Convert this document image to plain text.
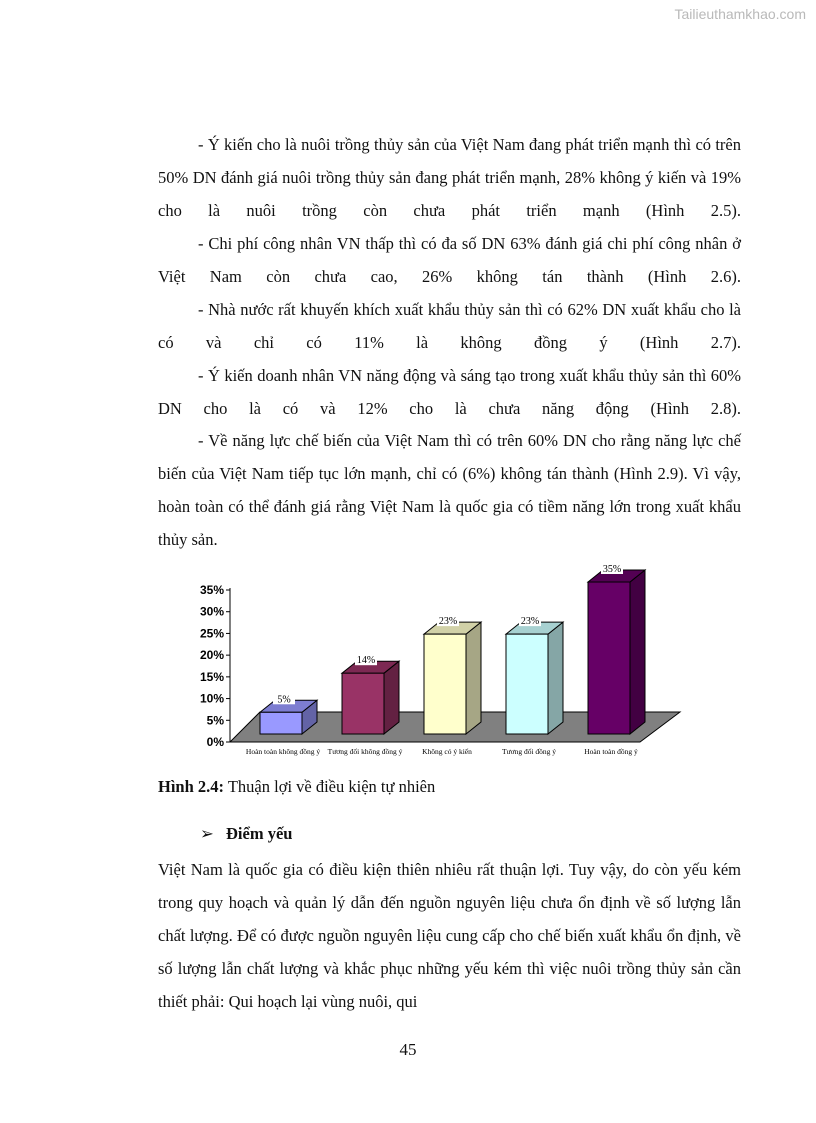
Tailieuthamkhao.com

- Ý kiến cho là nuôi trồng thủy sản của Việt Nam đang phát triển mạnh thì có trên 50% DN đánh giá nuôi trồng thủy sản đang phát triển mạnh, 28% không ý kiến và 19% cho là nuôi trồng còn chưa phát triển mạnh (Hình 2.5).

- Chi phí công nhân VN thấp thì có đa số DN 63% đánh giá chi phí công nhân ở Việt Nam còn chưa cao, 26% không tán thành (Hình 2.6).

- Nhà nước rất khuyến khích xuất khẩu thủy sản thì có 62% DN xuất khẩu cho là có và chỉ có 11% là không đồng ý (Hình 2.7).

- Ý kiến doanh nhân VN năng động và sáng tạo trong xuất khẩu thủy sản thì 60% DN cho là có và 12% cho là chưa năng động (Hình 2.8).

- Về năng lực chế biến của Việt Nam thì có trên 60% DN cho rằng năng lực chế biến của Việt Nam tiếp tục lớn mạnh, chỉ có (6%) không tán thành (Hình 2.9). Vì vậy, hoàn toàn có thể đánh giá rằng Việt Nam là quốc gia có tiềm năng lớn trong xuất khẩu thủy sản.

0%
5%
10%
15%
20%
25%
30%
35%
5%
Hoàn toàn không đồng ý
14%
Tương đối không đồng ý
23%
Không có ý kiến
23%
Tương đối đồng ý
35%
Hoàn toàn đồng ý

Hình 2.4: Thuận lợi về điều kiện tự nhiên

➢ Điểm yếu

Việt Nam là quốc gia có điều kiện thiên nhiêu rất thuận lợi. Tuy vậy, do còn yếu kém trong quy hoạch và quản lý dẫn đến nguồn nguyên liệu chưa ổn định về số lượng lẫn chất lượng. Để có được nguồn nguyên liệu cung cấp cho chế biến xuất khẩu ổn định, về số lượng lẫn chất lượng và khắc phục những yếu kém thì việc nuôi trồng thủy sản cần thiết phải: Qui hoạch lại vùng nuôi, qui

45
